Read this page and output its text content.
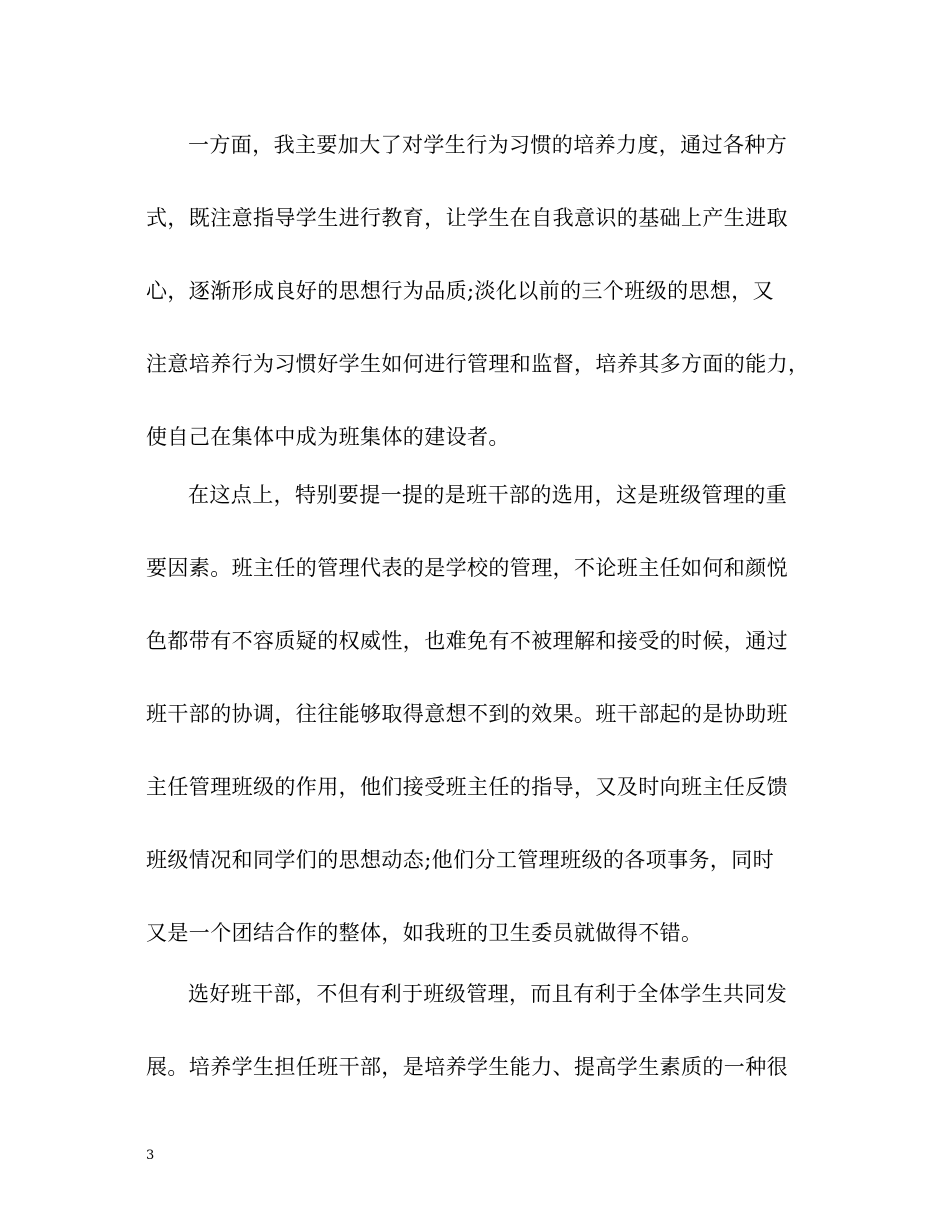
一方面，我主要加大了对学生行为习惯的培养力度，通过各种方
式，既注意指导学生进行教育，让学生在自我意识的基础上产生进取
心，逐渐形成良好的思想行为品质;淡化以前的三个班级的思想，又
注意培养行为习惯好学生如何进行管理和监督，培养其多方面的能力，
使自己在集体中成为班集体的建设者。
在这点上，特别要提一提的是班干部的选用，这是班级管理的重
要因素。班主任的管理代表的是学校的管理，不论班主任如何和颜悦
色都带有不容质疑的权威性，也难免有不被理解和接受的时候，通过
班干部的协调，往往能够取得意想不到的效果。班干部起的是协助班
主任管理班级的作用，他们接受班主任的指导，又及时向班主任反馈
班级情况和同学们的思想动态;他们分工管理班级的各项事务，同时
又是一个团结合作的整体，如我班的卫生委员就做得不错。
选好班干部，不但有利于班级管理，而且有利于全体学生共同发
展。培养学生担任班干部，是培养学生能力、提高学生素质的一种很
3
